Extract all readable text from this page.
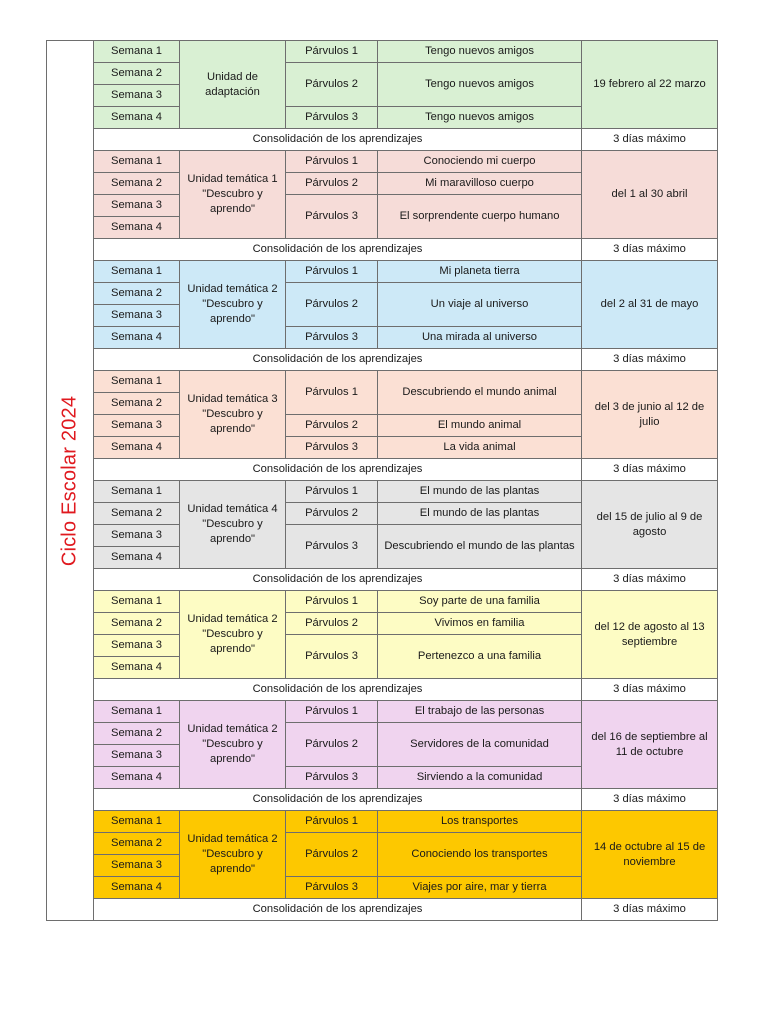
Ciclo Escolar 2024	Semana 1	Unidad de adaptación	Párvulos 1	Tengo nuevos amigos	19 febrero al 22 marzo
	Semana 2		Párvulos 2	Tengo nuevos amigos	
	Semana 3				
	Semana 4		Párvulos 3	Tengo nuevos amigos	
	Consolidación de los aprendizajes				3 días máximo
	Semana 1	Unidad temática 1 "Descubro y aprendo"	Párvulos 1	Conociendo mi cuerpo	del 1 al 30 abril
	Semana 2		Párvulos 2	Mi maravilloso cuerpo	
	Semana 3		Párvulos 3	El sorprendente cuerpo humano	
	Semana 4				
	Consolidación de los aprendizajes				3 días máximo
	Semana 1	Unidad temática 2 "Descubro y aprendo"	Párvulos 1	Mi planeta tierra	del 2 al 31 de mayo
	Semana 2		Párvulos 2	Un viaje al universo	
	Semana 3				
	Semana 4		Párvulos 3	Una mirada al universo	
	Consolidación de los aprendizajes				3 días máximo
	Semana 1	Unidad temática 3 "Descubro y aprendo"	Párvulos 1	Descubriendo el mundo animal	del 3 de junio al 12 de julio
	Semana 2				
	Semana 3		Párvulos 2	El mundo animal	
	Semana 4		Párvulos 3	La vida animal	
	Consolidación de los aprendizajes				3 días máximo
	Semana 1	Unidad temática 4 "Descubro y aprendo"	Párvulos 1	El mundo de las plantas	del 15 de julio al 9 de agosto
	Semana 2		Párvulos 2	El mundo de las plantas	
	Semana 3		Párvulos 3	Descubriendo el mundo de las plantas	
	Semana 4				
	Consolidación de los aprendizajes				3 días máximo
	Semana 1	Unidad temática 2 "Descubro y aprendo"	Párvulos 1	Soy parte de una familia	del 12 de agosto al 13 septiembre
	Semana 2		Párvulos 2	Vivimos en familia	
	Semana 3		Párvulos 3	Pertenezco a una familia	
	Semana 4				
	Consolidación de los aprendizajes				3 días máximo
	Semana 1	Unidad temática 2 "Descubro y aprendo"	Párvulos 1	El trabajo de las personas	del 16 de septiembre al 11 de octubre
	Semana 2		Párvulos 2	Servidores de la comunidad	
	Semana 3				
	Semana 4		Párvulos 3	Sirviendo a la comunidad	
	Consolidación de los aprendizajes				3 días máximo
	Semana 1	Unidad temática 2 "Descubro y aprendo"	Párvulos 1	Los transportes	14 de octubre al 15 de noviembre
	Semana 2		Párvulos 2	Conociendo los transportes	
	Semana 3				
	Semana 4		Párvulos 3	Viajes por aire, mar y tierra	
	Consolidación de los aprendizajes				3 días máximo
